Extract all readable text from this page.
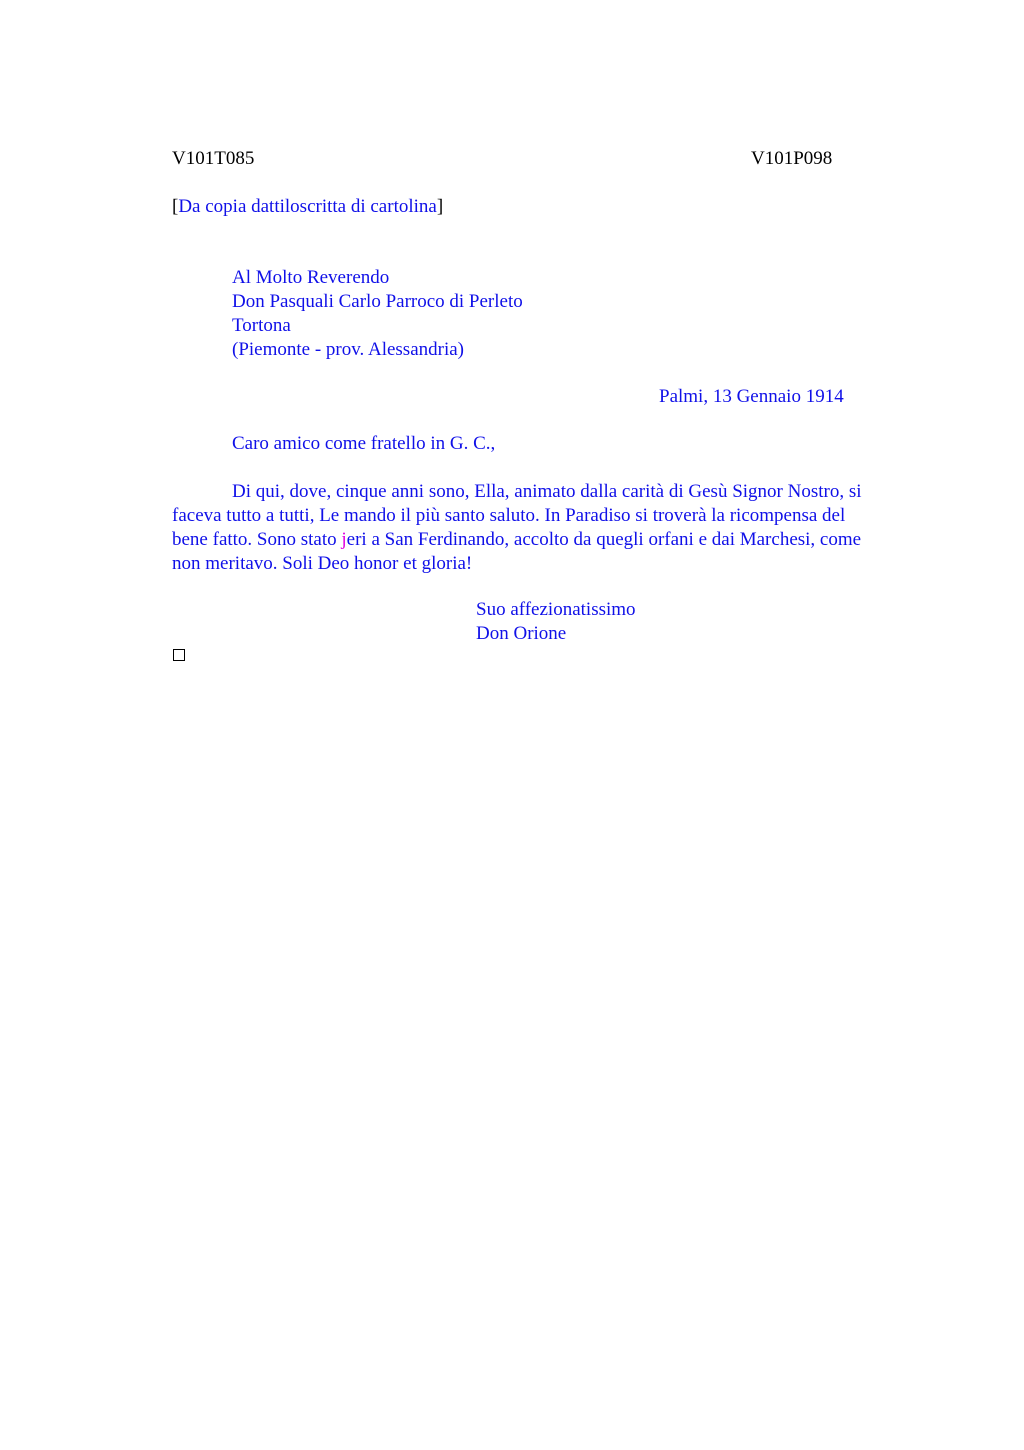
V101T085	V101P098
[Da copia dattiloscritta di cartolina]
Al Molto Reverendo
Don Pasquali Carlo Parroco di Perleto
Tortona
(Piemonte - prov. Alessandria)
Palmi, 13 Gennaio 1914
Caro amico come fratello in G. C.,
Di qui, dove, cinque anni sono, Ella, animato dalla carità di Gesù Signor Nostro, si
faceva tutto a tutti, Le mando il più santo saluto. In Paradiso si troverà la ricompensa del
bene fatto. Sono stato jeri a San Ferdinando, accolto da quegli orfani e dai Marchesi, come
non meritavo. Soli Deo honor et gloria!
Suo affezionatissimo
Don Orione
